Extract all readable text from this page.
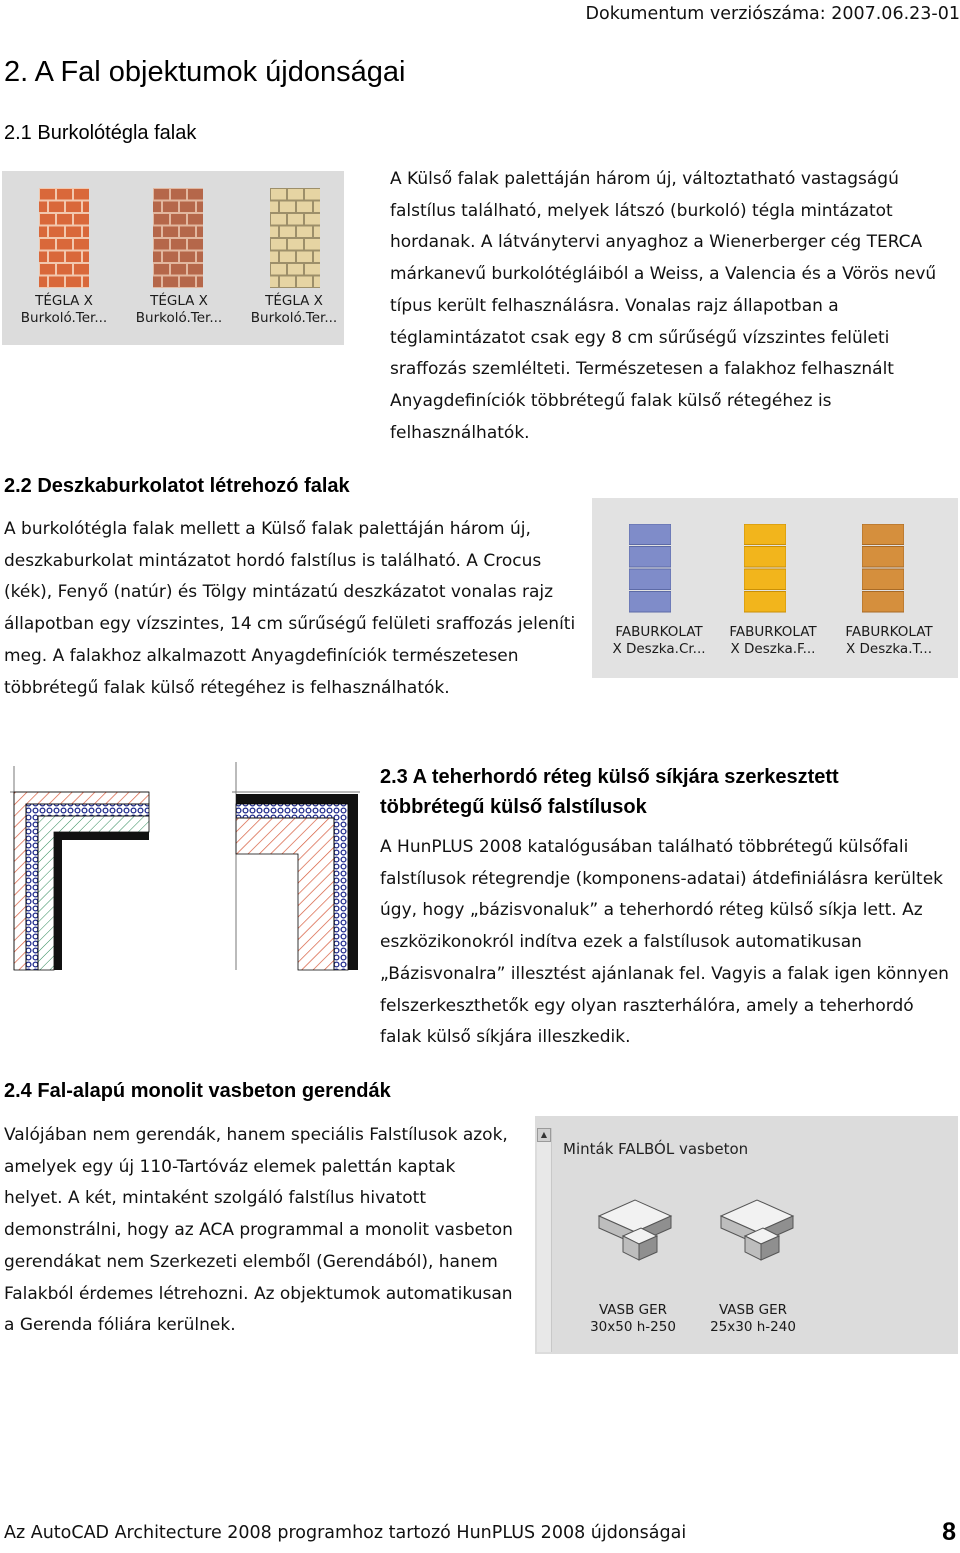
Dokumentum verziószáma: 2007.06.23-01
2. A Fal objektumok újdonságai
2.1 Burkolótégla falak
TÉGLA X
Burkoló.Ter...
TÉGLA X
Burkoló.Ter...
TÉGLA X
Burkoló.Ter...

A Külső falak palettáján három új, változtatható vastagságú falstílus található, melyek látszó (burkoló) tégla mintázatot hordanak. A látványtervi anyaghoz a Wienerberger cég TERCA márkanevű burkolótégláiból a Weiss, a Valencia és a Vörös nevű típus került felhasználásra. Vonalas rajz állapotban a téglamintázatot csak egy 8 cm sűrűségű vízszintes felületi sraffozás szemlélteti. Természetesen a falakhoz felhasznált Anyagdefiníciók többrétegű falak külső rétegéhez is felhasználhatók.

2.2 Deszkaburkolatot létrehozó falak

A burkolótégla falak mellett a Külső falak palettáján három új, deszkaburkolat mintázatot hordó falstílus is található. A Crocus (kék), Fenyő (natúr) és Tölgy mintázatú deszkázatot vonalas rajz állapotban egy vízszintes, 14 cm sűrűségű felületi sraffozás jeleníti meg. A falakhoz alkalmazott Anyagdefiníciók természetesen többrétegű falak külső rétegéhez is felhasználhatók.

FABURKOLAT
X Deszka.Cr...
FABURKOLAT
X Deszka.F...
FABURKOLAT
X Deszka.T...
2.3 A teherhordó réteg külső síkjára szerkesztett
többrétegű külső falstílusok

A HunPLUS 2008 katalógusában található többrétegű külsőfali falstílusok rétegrendje (komponens-adatai) átdefiniálásra kerültek úgy, hogy „bázisvonaluk” a teherhordó réteg külső síkja lett. Az eszközikonokról indítva ezek a falstílusok automatikusan „Bázisvonalra” illesztést ajánlanak fel. Vagyis a falak igen könnyen felszerkeszthetők egy olyan raszterhálóra, amely a teherhordó falak külső síkjára illeszkedik.

2.4 Fal-alapú monolit vasbeton gerendák

Valójában nem gerendák, hanem speciális Falstílusok azok, amelyek egy új 110-Tartóváz elemek palettán kaptak helyet. A két, mintaként szolgáló falstílus hivatott demonstrálni, hogy az ACA programmal a monolit vasbeton gerendákat nem Szerkezeti elemből (Gerendából), hanem Falakból érdemes létrehozni. Az objektumok automatikusan a Gerenda fóliára kerülnek.

▲
Minták FALBÓL vasbeton
VASB GER
30x50 h-250
VASB GER
25x30 h-240
Az AutoCAD Architecture 2008 programhoz tartozó HunPLUS 2008 újdonságai	8
